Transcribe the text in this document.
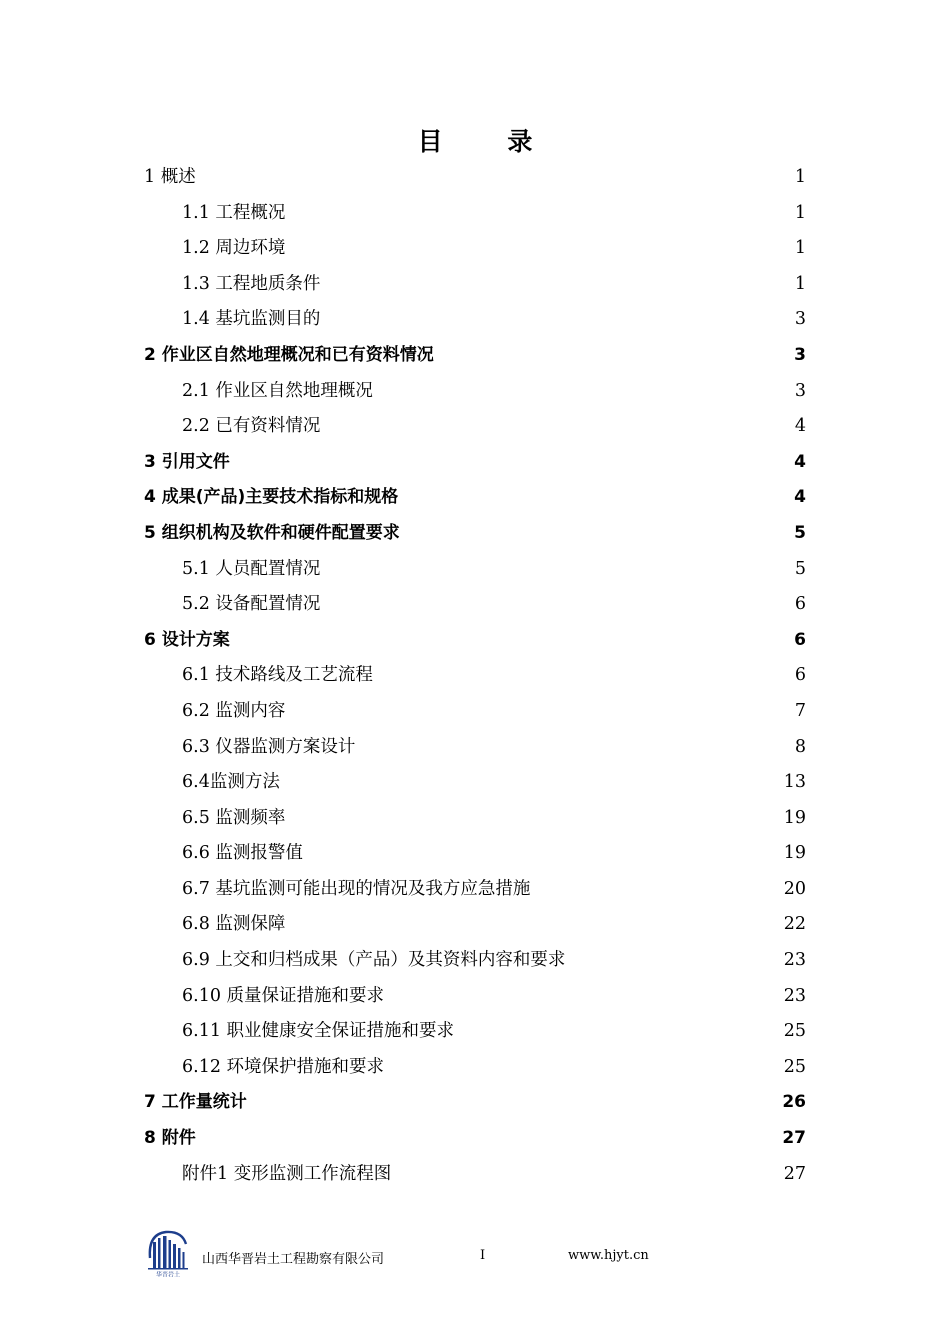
目 录
1 概述	1
1.1 工程概况	1
1.2 周边环境	1
1.3 工程地质条件	1
1.4 基坑监测目的	3
2 作业区自然地理概况和已有资料情况	3
2.1 作业区自然地理概况	3
2.2 已有资料情况	4
3 引用文件	4
4 成果(产品)主要技术指标和规格	4
5 组织机构及软件和硬件配置要求	5
5.1 人员配置情况	5
5.2 设备配置情况	6
6 设计方案	6
6.1 技术路线及工艺流程	6
6.2 监测内容	7
6.3 仪器监测方案设计	8
6.4监测方法	13
6.5 监测频率	19
6.6 监测报警值	19
6.7 基坑监测可能出现的情况及我方应急措施	20
6.8 监测保障	22
6.9 上交和归档成果（产品）及其资料内容和要求	23
6.10 质量保证措施和要求	23
6.11 职业健康安全保证措施和要求	25
6.12 环境保护措施和要求	25
7 工作量统计	26
8 附件	27
附件1 变形监测工作流程图	27
华晋岩土
山西华晋岩土工程勘察有限公司	I	www.hjyt.cn
